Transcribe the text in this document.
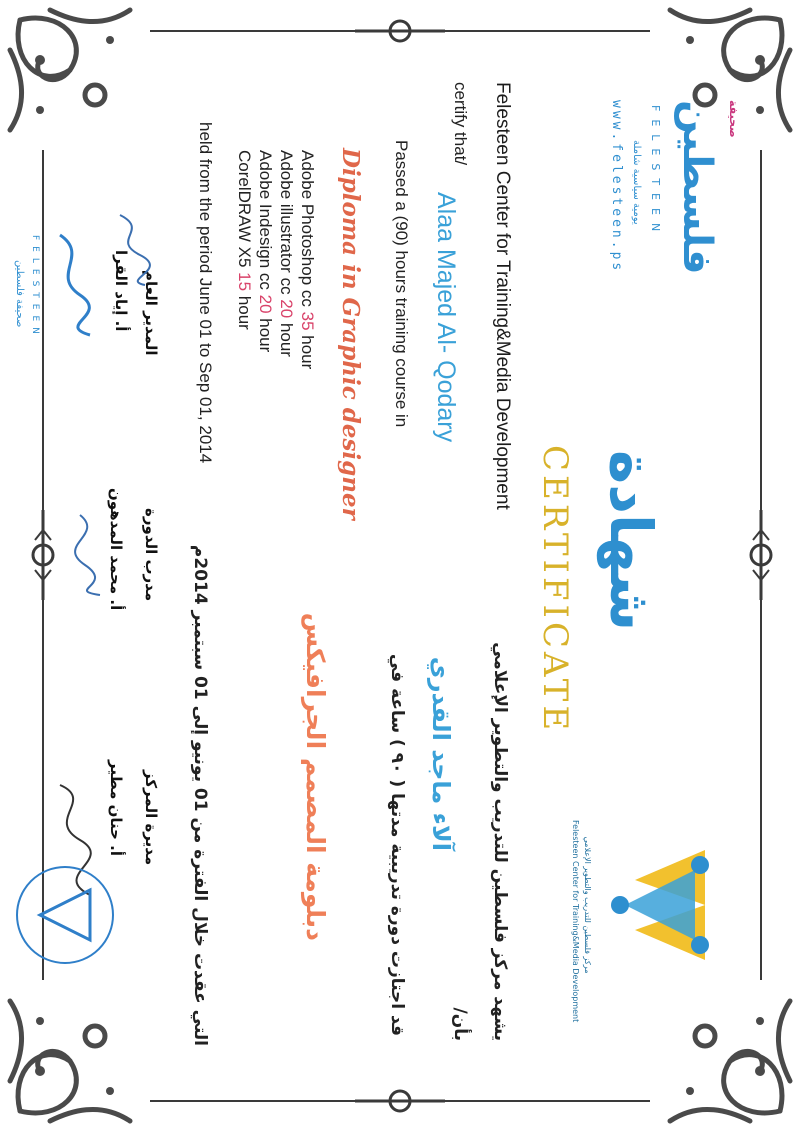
صحيفة
فلسطين
FELESTEEN
يومية سياسية شاملة
www.felesteen.ps
شهادة
CERTIFICATE
مركز فلسطين للتدريب والتطوير الإعلامي
Felesteen Center for Training&Media Development
Felesteen Center for Training&Media Development
certify that/
Alaa Majed Al- Qodary
Passed a (90) hours training course in
Diploma in Graphic designer
Adobe Photoshop cc 35 hour
Adobe illustrator cc 20 hour
Adobe Indesign cc 20 hour
CorelDRAW X5 15 hour
held from the period June 01 to Sep 01, 2014
يشهد مركز فلسطين للتدريب والتطوير الإعلامي
بأن/
آلاء ماجد القدري
قد اجتازت دورة تدريبية مدتها ( ٩٠ ) ساعة في
دبلومة المصمم الجرافيكس
التي عقدت خلال الفترة من 01 يونيو إلى 01 سبتمبر 2014م
المدير العام
أ. إياد القرا
مدرب الدورة
أ. محمد المدهون
مديرة المركز
أ. حنان مطير
FELESTEEN
صحيفة فلسطين
